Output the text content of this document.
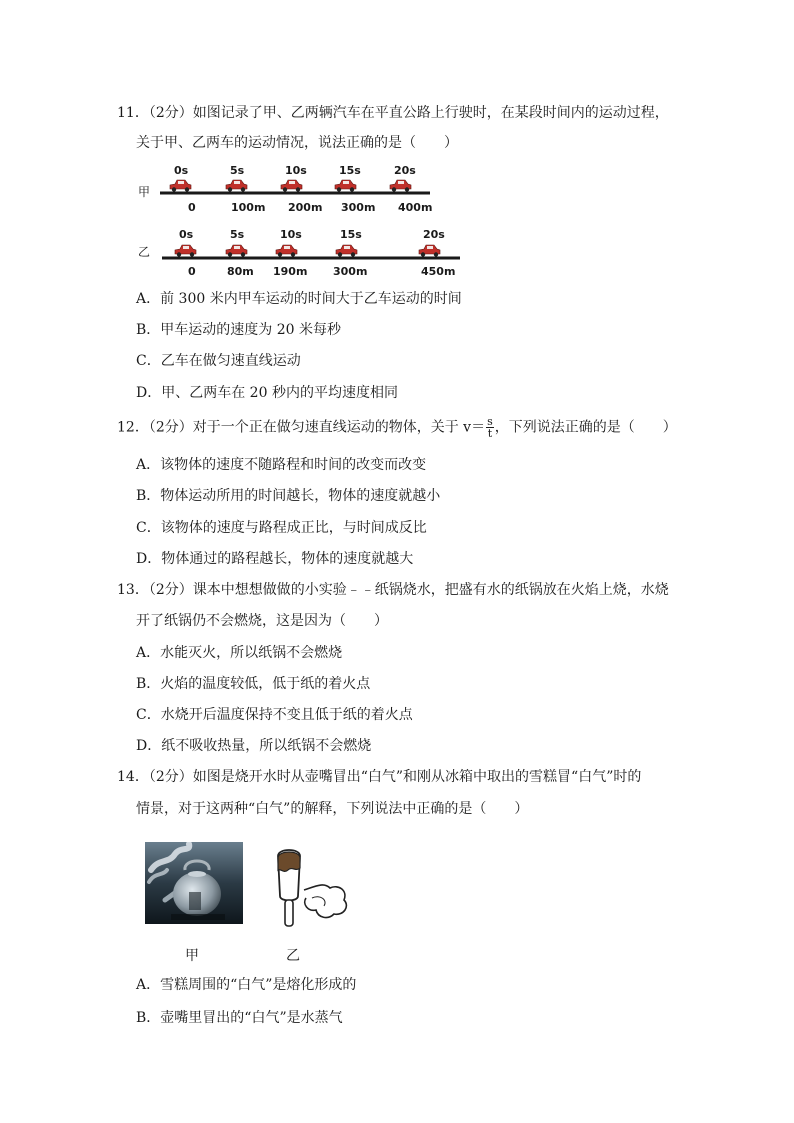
11．（2分）如图记录了甲、乙两辆汽车在平直公路上行驶时，在某段时间内的运动过程，
关于甲、乙两车的运动情况，说法正确的是（　　）
甲
0s	5s	10s	15s	20s
0	100m 200m 300m 400m
乙
0s	5s	10s	15s	20s
0	80m 190m 300m	450m
A．前 300 米内甲车运动的时间大于乙车运动的时间
B．甲车运动的速度为 20 米每秒
C．乙车在做匀速直线运动
D．甲、乙两车在 20 秒内的平均速度相同
12．（2分）对于一个正在做匀速直线运动的物体，关于 $v= \frac{s}{t}$ ，下列说法正确的是（　　）
A．该物体的速度不随路程和时间的改变而改变
B．物体运动所用的时间越长，物体的速度就越小
C．该物体的速度与路程成正比，与时间成反比
D．物体通过的路程越长，物体的速度就越大
13．（2分）课本中想想做做的小实验﹣﹣纸锅烧水，把盛有水的纸锅放在火焰上烧，水烧
开了纸锅仍不会燃烧，这是因为（　　）
A．水能灭火，所以纸锅不会燃烧
B．火焰的温度较低，低于纸的着火点
C．水烧开后温度保持不变且低于纸的着火点
D．纸不吸收热量，所以纸锅不会燃烧
14．（2分）如图是烧开水时从壶嘴冒出“白气”和刚从冰箱中取出的雪糕冒“白气”时的
情景，对于这两种“白气”的解释，下列说法中正确的是（　　）
甲	乙
A．雪糕周围的“白气”是熔化形成的
B．壶嘴里冒出的“白气”是水蒸气
